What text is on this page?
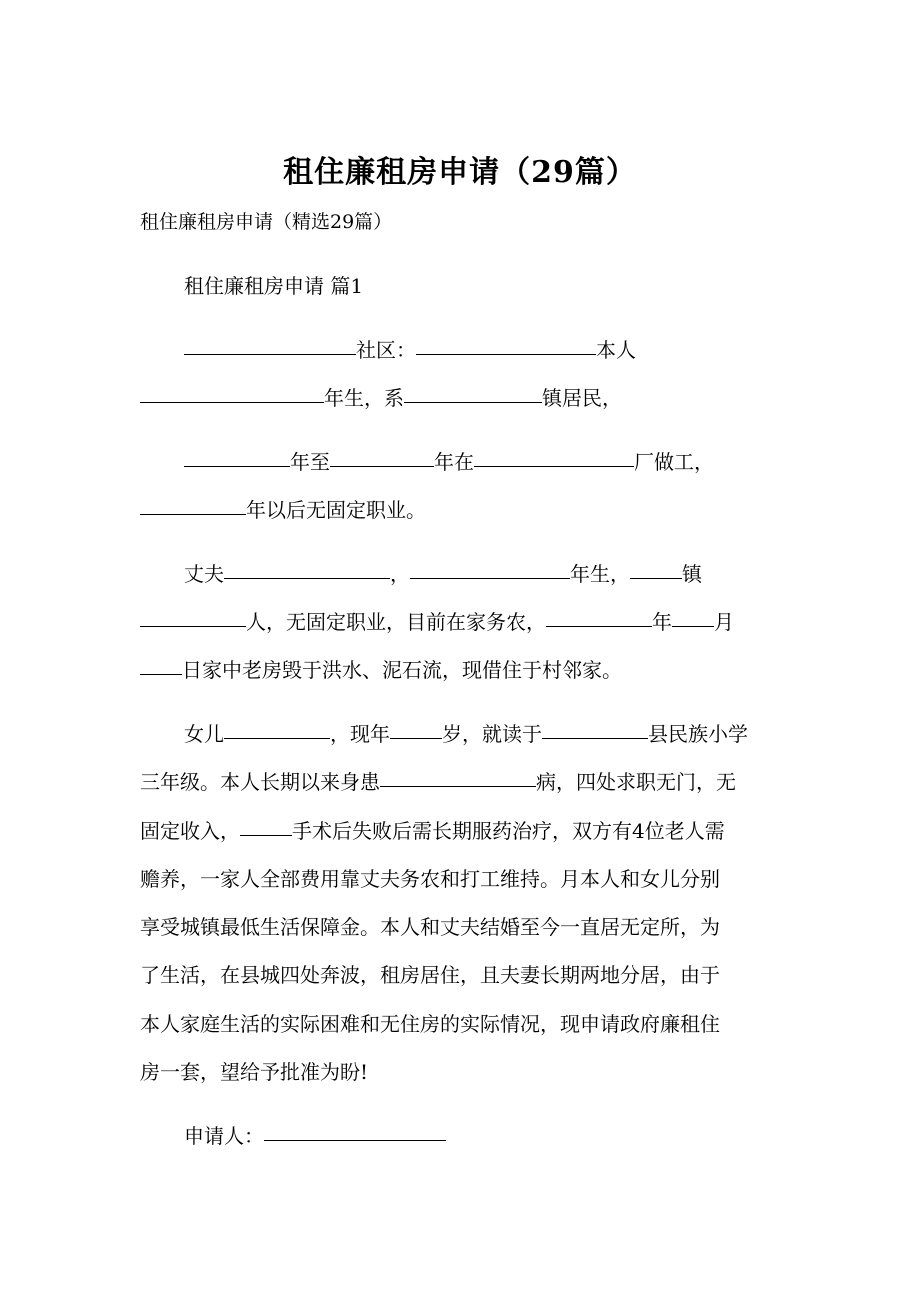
租住廉租房申请（29篇）
租住廉租房申请（精选29篇）
租住廉租房申请 篇1
社区：	本人
年生，系	镇居民，
年至	年在	厂做工，
年以后无固定职业。
丈夫	，	年生，	镇
人，无固定职业，目前在家务农，	年 月
日家中老房毁于洪水、泥石流，现借住于村邻家。
女儿	，现年	岁，就读于	县民族小学
三年级。本人长期以来身患	病，四处求职无门，无
固定收入，	手术后失败后需长期服药治疗，双方有4位老人需
赡养，一家人全部费用靠丈夫务农和打工维持。月本人和女儿分别
享受城镇最低生活保障金。本人和丈夫结婚至今一直居无定所，为
了生活，在县城四处奔波，租房居住，且夫妻长期两地分居，由于
本人家庭生活的实际困难和无住房的实际情况，现申请政府廉租住
房一套，望给予批准为盼!
申请人：
